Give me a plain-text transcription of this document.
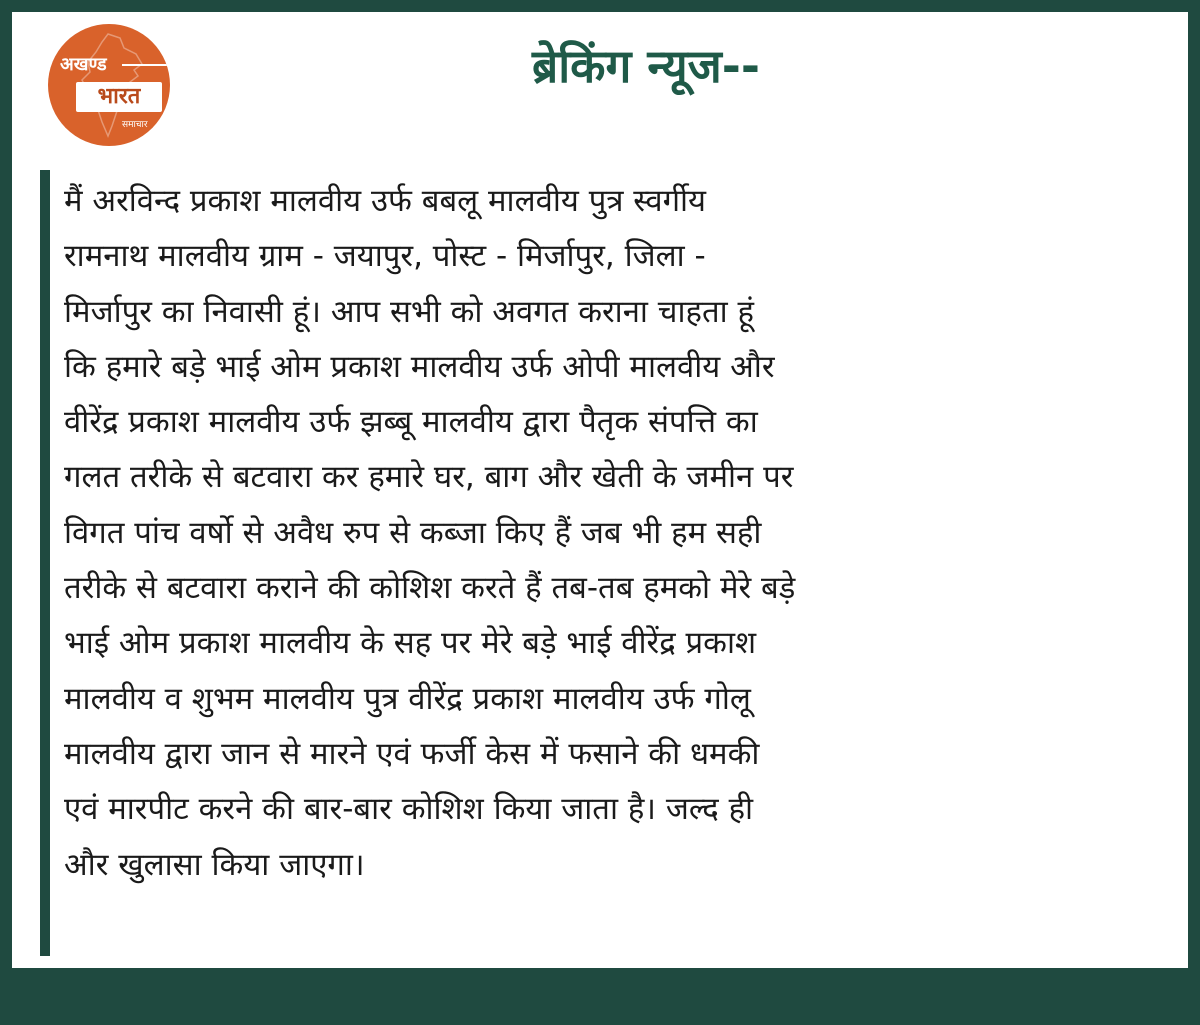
अखण्ड
भारत
समाचार
ब्रेकिंग न्यूज--

मैं अरविन्द प्रकाश मालवीय उर्फ बबलू मालवीय पुत्र स्वर्गीय
रामनाथ मालवीय ग्राम - जयापुर, पोस्ट - मिर्जापुर, जिला -
मिर्जापुर का निवासी हूं। आप सभी को अवगत कराना चाहता हूं
कि हमारे बड़े भाई ओम प्रकाश मालवीय उर्फ ओपी मालवीय और
वीरेंद्र प्रकाश मालवीय उर्फ झब्बू मालवीय द्वारा पैतृक संपत्ति का
गलत तरीके से बटवारा कर हमारे घर, बाग और खेती के जमीन पर
विगत पांच वर्षो से अवैध रुप से कब्जा किए हैं जब भी हम सही
तरीके से बटवारा कराने की कोशिश करते हैं तब-तब हमको मेरे बड़े
भाई ओम प्रकाश मालवीय के सह पर मेरे बड़े भाई वीरेंद्र प्रकाश
मालवीय व शुभम मालवीय पुत्र वीरेंद्र प्रकाश मालवीय उर्फ गोलू
मालवीय द्वारा जान से मारने एवं फर्जी केस में फसाने की धमकी
एवं मारपीट करने की बार-बार कोशिश किया जाता है। जल्द ही
और खुलासा किया जाएगा।
